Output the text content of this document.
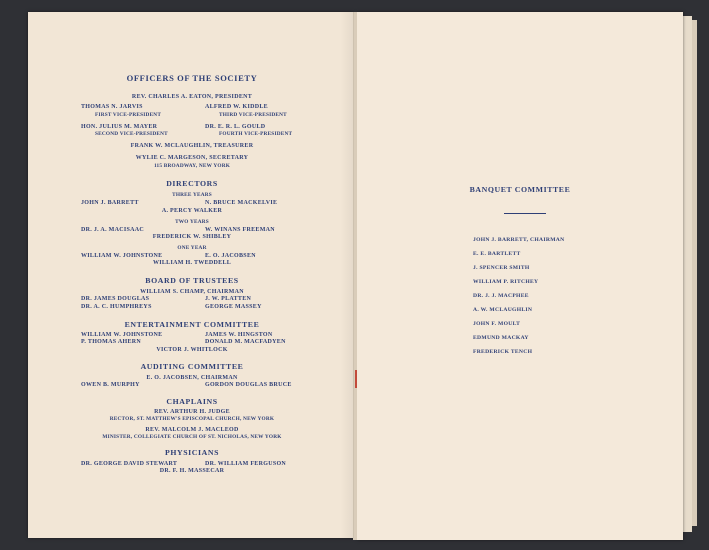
OFFICERS OF THE SOCIETY
REV. CHARLES A. EATON, PRESIDENT
THOMAS N. JARVIS
FIRST VICE-PRESIDENT
ALFRED W. KIDDLE
THIRD VICE-PRESIDENT
HON. JULIUS M. MAYER
SECOND VICE-PRESIDENT
DR. E. R. L. GOULD
FOURTH VICE-PRESIDENT
FRANK W. MCLAUGHLIN, TREASURER
WYLIE C. MARGESON, SECRETARY
115 BROADWAY, NEW YORK
DIRECTORS
THREE YEARS
JOHN J. BARRETT	N. BRUCE MACKELVIE
A. PERCY WALKER
TWO YEARS
DR. J. A. MACISAAC	W. WINANS FREEMAN
FREDERICK W. SHIBLEY
ONE YEAR
WILLIAM W. JOHNSTONE	E. O. JACOBSEN
WILLIAM H. TWEDDELL
BOARD OF TRUSTEES
WILLIAM S. CHAMP, CHAIRMAN
DR. JAMES DOUGLAS	J. W. PLATTEN
DR. A. C. HUMPHREYS	GEORGE MASSEY
ENTERTAINMENT COMMITTEE
WILLIAM W. JOHNSTONE	JAMES W. HINGSTON
P. THOMAS AHERN	DONALD M. MACFADYEN
VICTOR J. WHITLOCK
AUDITING COMMITTEE
E. O. JACOBSEN, CHAIRMAN
OWEN B. MURPHY	GORDON DOUGLAS BRUCE
CHAPLAINS
REV. ARTHUR H. JUDGE
RECTOR, ST. MATTHEW'S EPISCOPAL CHURCH, NEW YORK
REV. MALCOLM J. MACLEOD
MINISTER, COLLEGIATE CHURCH OF ST. NICHOLAS, NEW YORK
PHYSICIANS
DR. GEORGE DAVID STEWART	DR. WILLIAM FERGUSON
DR. F. H. MASSECAR
BANQUET COMMITTEE
JOHN J. BARRETT, CHAIRMAN
E. E. BARTLETT
J. SPENCER SMITH
WILLIAM P. RITCHEY
DR. J. J. MACPHEE
A. W. MCLAUGHLIN
JOHN F. MOULT
EDMUND MACKAY
FREDERICK TENCH
